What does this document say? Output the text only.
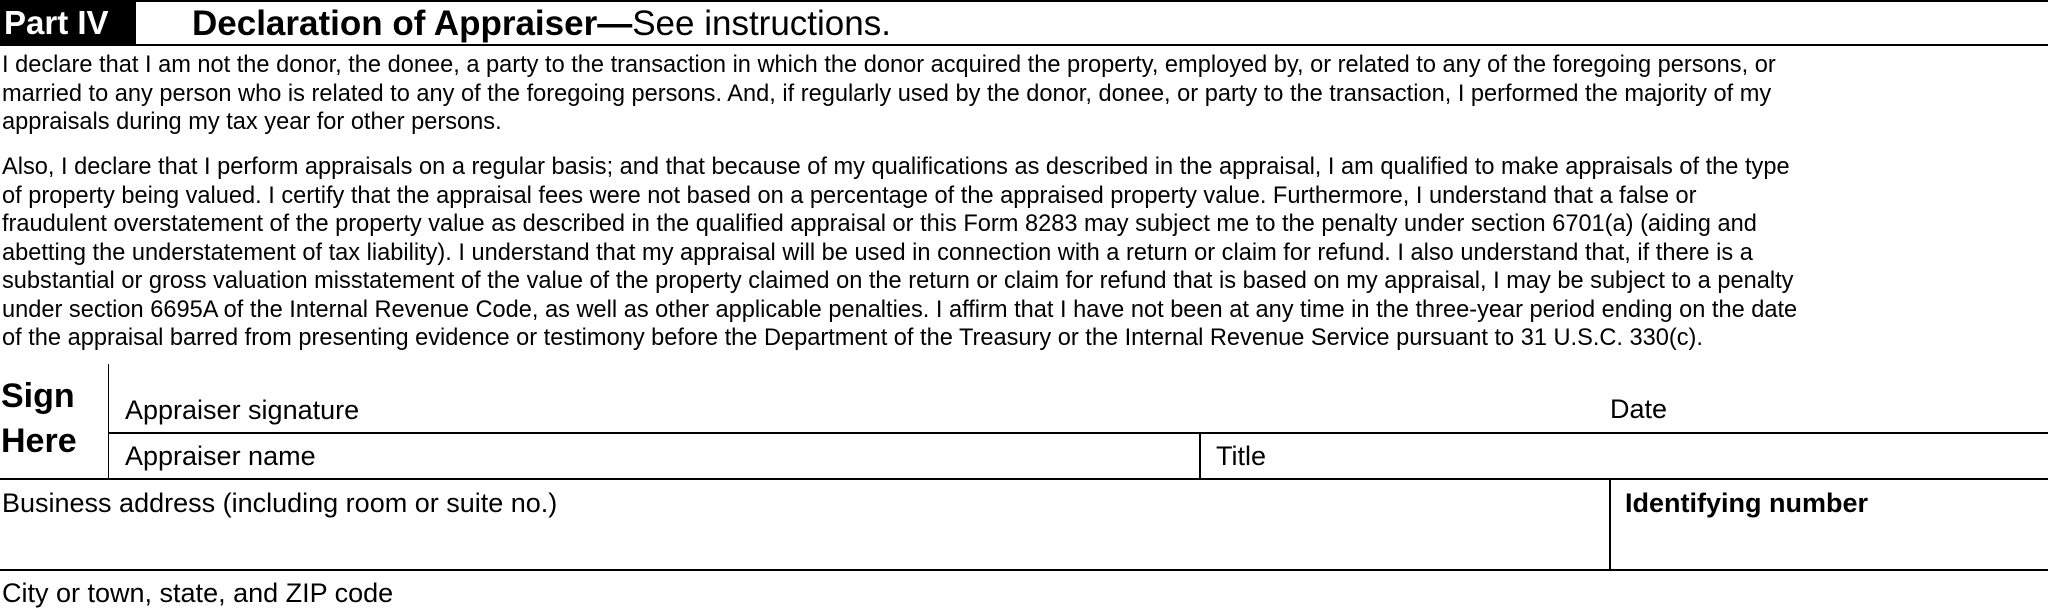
Part IV	Declaration of Appraiser—See instructions.
I declare that I am not the donor, the donee, a party to the transaction in which the donor acquired the property, employed by, or related to any of the foregoing persons, or
married to any person who is related to any of the foregoing persons. And, if regularly used by the donor, donee, or party to the transaction, I performed the majority of my
appraisals during my tax year for other persons.
Also, I declare that I perform appraisals on a regular basis; and that because of my qualifications as described in the appraisal, I am qualified to make appraisals of the type
of property being valued. I certify that the appraisal fees were not based on a percentage of the appraised property value. Furthermore, I understand that a false or
fraudulent overstatement of the property value as described in the qualified appraisal or this Form 8283 may subject me to the penalty under section 6701(a) (aiding and
abetting the understatement of tax liability). I understand that my appraisal will be used in connection with a return or claim for refund. I also understand that, if there is a
substantial or gross valuation misstatement of the value of the property claimed on the return or claim for refund that is based on my appraisal, I may be subject to a penalty
under section 6695A of the Internal Revenue Code, as well as other applicable penalties. I affirm that I have not been at any time in the three-year period ending on the date
of the appraisal barred from presenting evidence or testimony before the Department of the Treasury or the Internal Revenue Service pursuant to 31 U.S.C. 330(c).
Sign
Here
Appraiser signature	Date
Appraiser name	Title
Business address (including room or suite no.)	Identifying number
City or town, state, and ZIP code
